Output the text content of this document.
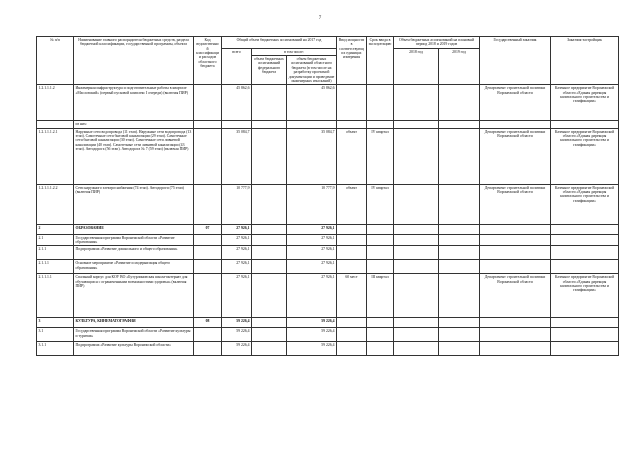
7
№ п/п	Наименование главного распорядителя бюджетных средств, раздела бюджетной классификации, государственной программы, объекта	Код ведомственной классификации расходов областного бюджета	Общий объем бюджетных ассигнований на 2017 год			Ввод мощности в соответствующих единицах измерения	Срок ввода в эксплуатацию	Объем бюджетных ассигнований на плановый период 2018 и 2019 годов		Государственный заказчик	Заказчик-застройщик
			всего	в том числе:				2018 год	2019 год		
				объем бюджетных ассигнований федерального бюджета	объем бюджетных ассигнований областного бюджета (в том числе на разработку проектной документации и проведение инженерных изысканий)						
1.2.1.1.1.2	Инженерная инфраструктура и подготовительные работы в квартале «Масловский» (первый пусковой комплекс I очереди) (включая ПИР)		45 862,6		45 862,6					Департамент строительной политики Воронежской области	Казенное предприятие Воронежской области «Единая дирекция капитального строительства и газификации»
	из них:										
1.2.1.1.1.2.1	Наружные сети водопровода (11 этап). Наружные сети водопровода (13 этап). Самотечные сети бытовой канализации (29 этап). Самотечные сети бытовой канализации (30 этап). Самотечные сети ливневой канализации (40 этап). Самотечные сети ливневой канализации (43 этап). Автодорога (56 этап). Автодорога № 7 (59 этап) (включая ПИР)		35 084,7		35 084,7	объект	IV квартал			Департамент строительной политики Воронежской области	Казенное предприятие Воронежской области «Единая дирекция капитального строительства и газификации»
1.2.1.1.1.2.2	Сети наружного электроснабжения (74 этап). Автодороги (75 этап) (включая ПИР)		10 777,9		10 777,9	объект	IV квартал			Департамент строительной политики Воронежской области	Казенное предприятие Воронежской области «Единая дирекция капитального строительства и газификации»
2	ОБРАЗОВАНИЕ	07	27 926,1		27 926,1						
2.1	Государственная программа Воронежской области «Развитие образования»		27 926,1		27 926,1						
2.1.1	Подпрограмма «Развитие дошкольного и общего образования»		27 926,1		27 926,1						
2.1.1.1	Основное мероприятие «Развитие и модернизация общего образования»		27 926,1		27 926,1						
2.1.1.1.1	Спальный корпус для КОУ ВО «Бутурлиновская школа-интернат для обучающихся с ограниченными возможностями здоровья» (включая ПИР)		27 926,1		27 926,1	60 мест	III квартал			Департамент строительной политики Воронежской области	Казенное предприятие Воронежской области «Единая дирекция капитального строительства и газификации»
3	КУЛЬТУРА, КИНЕМАТОГРАФИЯ	08	59 226,4		59 226,4						
3.1	Государственная программа Воронежской области «Развитие культуры и туризма»		59 226,4		59 226,4						
3.1.1	Подпрограмма «Развитие культуры Воронежской области»		59 226,4		59 226,4						
